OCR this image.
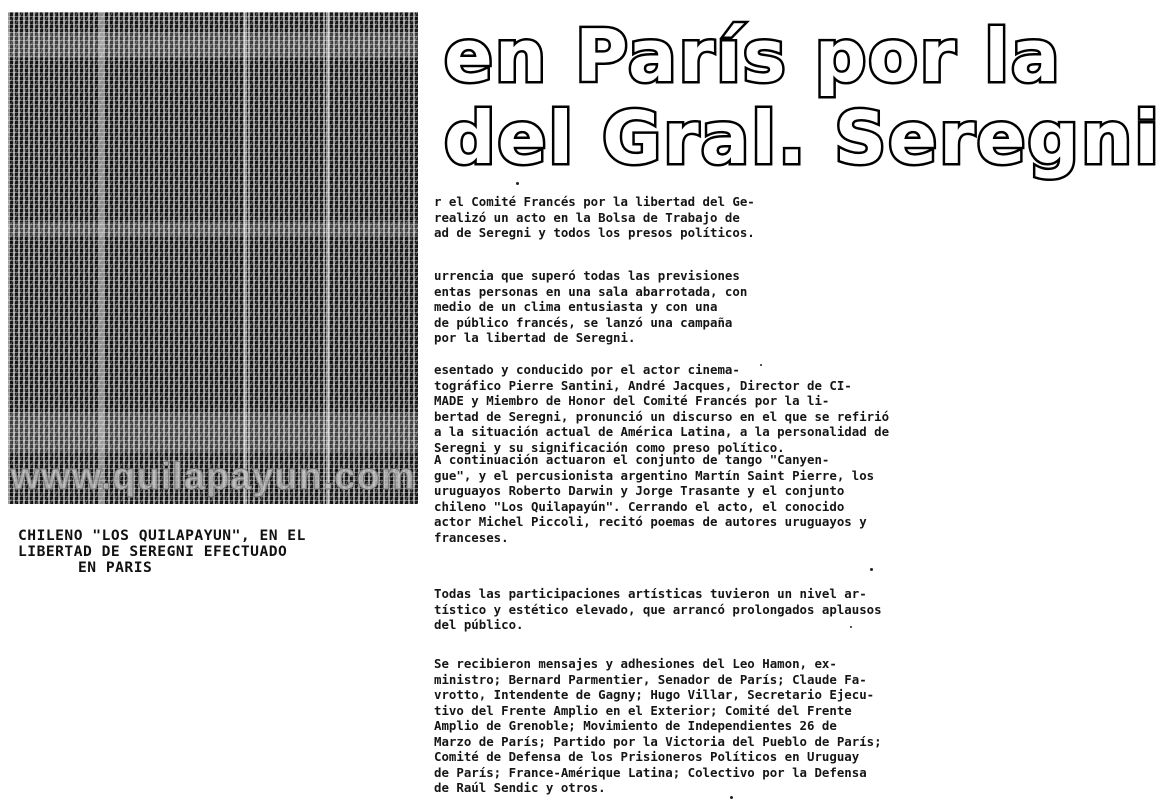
www.quilapayun.com
CHILENO "LOS QUILAPAYUN", EN EL
LIBERTAD DE SEREGNI EFECTUADO
EN PARIS
en París por la
del Gral. Seregni
r el Comité Francés por la libertad del Ge-
realizó un acto en la Bolsa de Trabajo de
ad de Seregni y todos los presos políticos.
urrencia que superó todas las previsiones
entas personas en una sala abarrotada, con
medio de un clima entusiasta y con una
de público francés, se lanzó una campaña
por la libertad de Seregni.
esentado y conducido por el actor cinema-
tográfico Pierre Santini, André Jacques, Director de CI-
MADE y Miembro de Honor del Comité Francés por la li-
bertad de Seregni, pronunció un discurso en el que se refirió
a la situación actual de América Latina, a la personalidad de
Seregni y su significación como preso político.
A continuación actuaron el conjunto de tango "Canyen-
gue", y el percusionista argentino Martín Saint Pierre, los
uruguayos Roberto Darwin y Jorge Trasante y el conjunto
chileno "Los Quilapayún". Cerrando el acto, el conocido
actor Michel Piccoli, recitó poemas de autores uruguayos y
franceses.
Todas las participaciones artísticas tuvieron un nivel ar-
tístico y estético elevado, que arrancó prolongados aplausos
del público.
Se recibieron mensajes y adhesiones del Leo Hamon, ex-
ministro; Bernard Parmentier, Senador de París; Claude Fa-
vrotto, Intendente de Gagny; Hugo Villar, Secretario Ejecu-
tivo del Frente Amplio en el Exterior; Comité del Frente
Amplio de Grenoble; Movimiento de Independientes 26 de
Marzo de París; Partido por la Victoria del Pueblo de París;
Comité de Defensa de los Prisioneros Políticos en Uruguay
de París; France-Amérique Latina; Colectivo por la Defensa
de Raúl Sendic y otros.
